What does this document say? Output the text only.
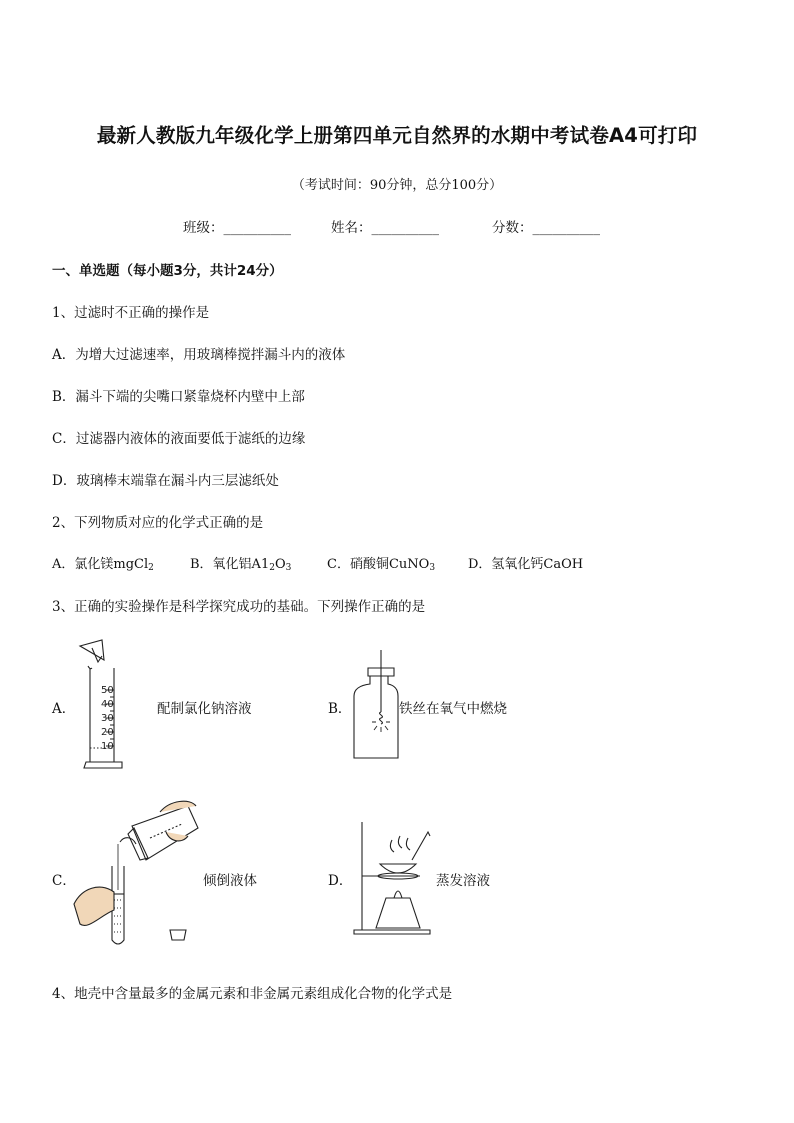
最新人教版九年级化学上册第四单元自然界的水期中考试卷A4可打印
（考试时间：90分钟，总分100分）
班级：__________	姓名：__________	分数：__________
一、单选题（每小题3分，共计24分）
1、过滤时不正确的操作是
A．为增大过滤速率，用玻璃棒搅拌漏斗内的液体
B．漏斗下端的尖嘴口紧靠烧杯内壁中上部
C．过滤器内液体的液面要低于滤纸的边缘
D．玻璃棒末端靠在漏斗内三层滤纸处
2、下列物质对应的化学式正确的是
A．氯化镁mgCl$_2$	B．氧化铝$A1_2O_3$	C．硝酸铜CuNO$_3$	D．氢氧化钙CaOH
3、正确的实验操作是科学探究成功的基础。下列操作正确的是
A．
50
40
30
20
10
配制氯化钠溶液	B．	铁丝在氧气中燃烧
C．	倾倒液体	D．	蒸发溶液
4、地壳中含量最多的金属元素和非金属元素组成化合物的化学式是
